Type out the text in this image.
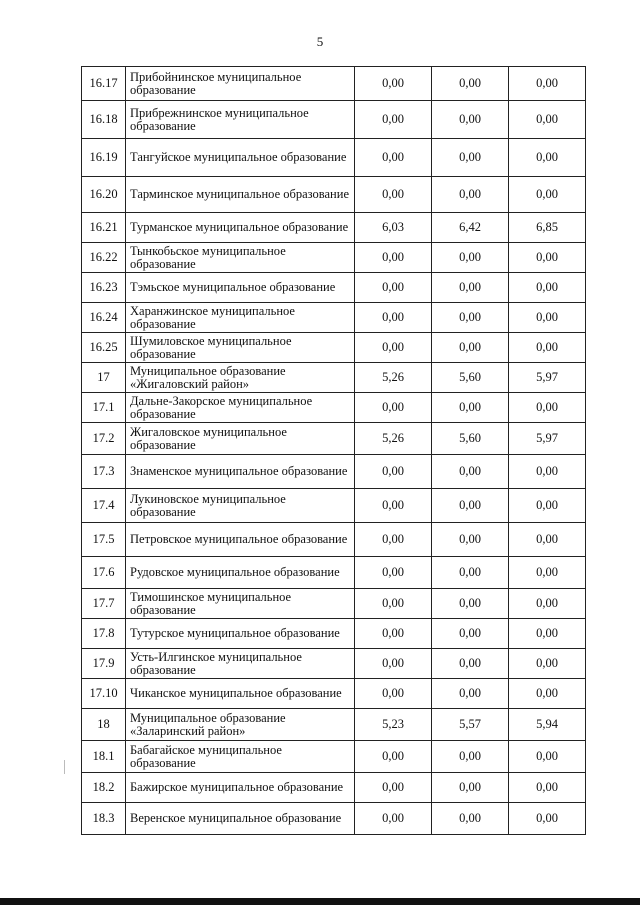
5
16.17	Прибойнинское муниципальное образование	0,00	0,00	0,00
16.18	Прибрежнинское муниципальное образование	0,00	0,00	0,00
16.19	Тангуйское муниципальное образование	0,00	0,00	0,00
16.20	Тарминское муниципальное образование	0,00	0,00	0,00
16.21	Турманское муниципальное образование	6,03	6,42	6,85
16.22	Тынкобьское муниципальное образование	0,00	0,00	0,00
16.23	Тэмьское муниципальное образование	0,00	0,00	0,00
16.24	Харанжинское муниципальное образование	0,00	0,00	0,00
16.25	Шумиловское муниципальное образование	0,00	0,00	0,00
17	Муниципальное образование «Жигаловский район»	5,26	5,60	5,97
17.1	Дальне-Закорское муниципальное образование	0,00	0,00	0,00
17.2	Жигаловское муниципальное образование	5,26	5,60	5,97
17.3	Знаменское муниципальное образование	0,00	0,00	0,00
17.4	Лукиновское муниципальное образование	0,00	0,00	0,00
17.5	Петровское муниципальное образование	0,00	0,00	0,00
17.6	Рудовское муниципальное образование	0,00	0,00	0,00
17.7	Тимошинское муниципальное образование	0,00	0,00	0,00
17.8	Тутурское муниципальное образование	0,00	0,00	0,00
17.9	Усть-Илгинское муниципальное образование	0,00	0,00	0,00
17.10	Чиканское муниципальное образование	0,00	0,00	0,00
18	Муниципальное образование «Заларинский район»	5,23	5,57	5,94
18.1	Бабагайское муниципальное образование	0,00	0,00	0,00
18.2	Бажирское муниципальное образование	0,00	0,00	0,00
18.3	Веренское муниципальное образование	0,00	0,00	0,00
